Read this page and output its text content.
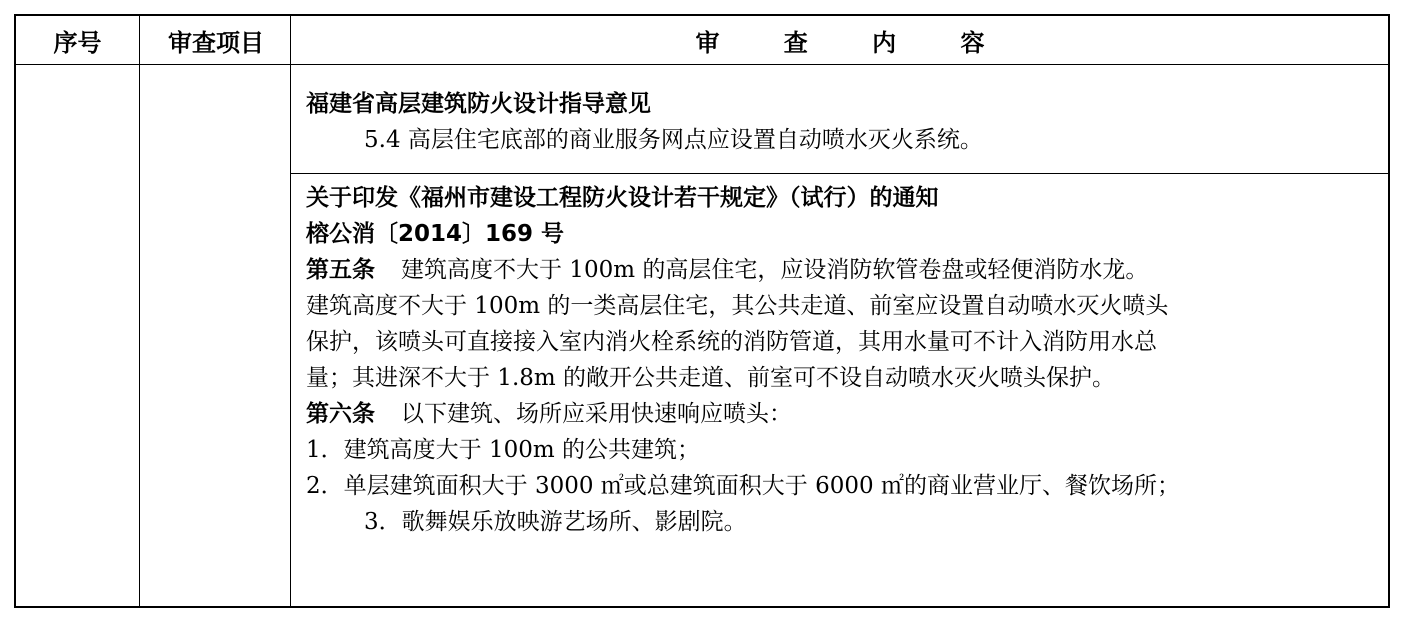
序号	审查项目	审 查 内 容
福建省高层建筑防火设计指导意见
5.4 高层住宅底部的商业服务网点应设置自动喷水灭火系统。
关于印发《福州市建设工程防火设计若干规定》（试行）的通知
榕公消〔2014〕169 号
第五条 建筑高度不大于 100m 的高层住宅，应设消防软管卷盘或轻便消防水龙。
建筑高度不大于 100m 的一类高层住宅，其公共走道、前室应设置自动喷水灭火喷头
保护，该喷头可直接接入室内消火栓系统的消防管道，其用水量可不计入消防用水总
量；其进深不大于 1.8m 的敞开公共走道、前室可不设自动喷水灭火喷头保护。
第六条 以下建筑、场所应采用快速响应喷头：
1．建筑高度大于 100m 的公共建筑；
2．单层建筑面积大于 3000 ㎡或总建筑面积大于 6000 ㎡的商业营业厅、餐饮场所；
3．歌舞娱乐放映游艺场所、影剧院。
